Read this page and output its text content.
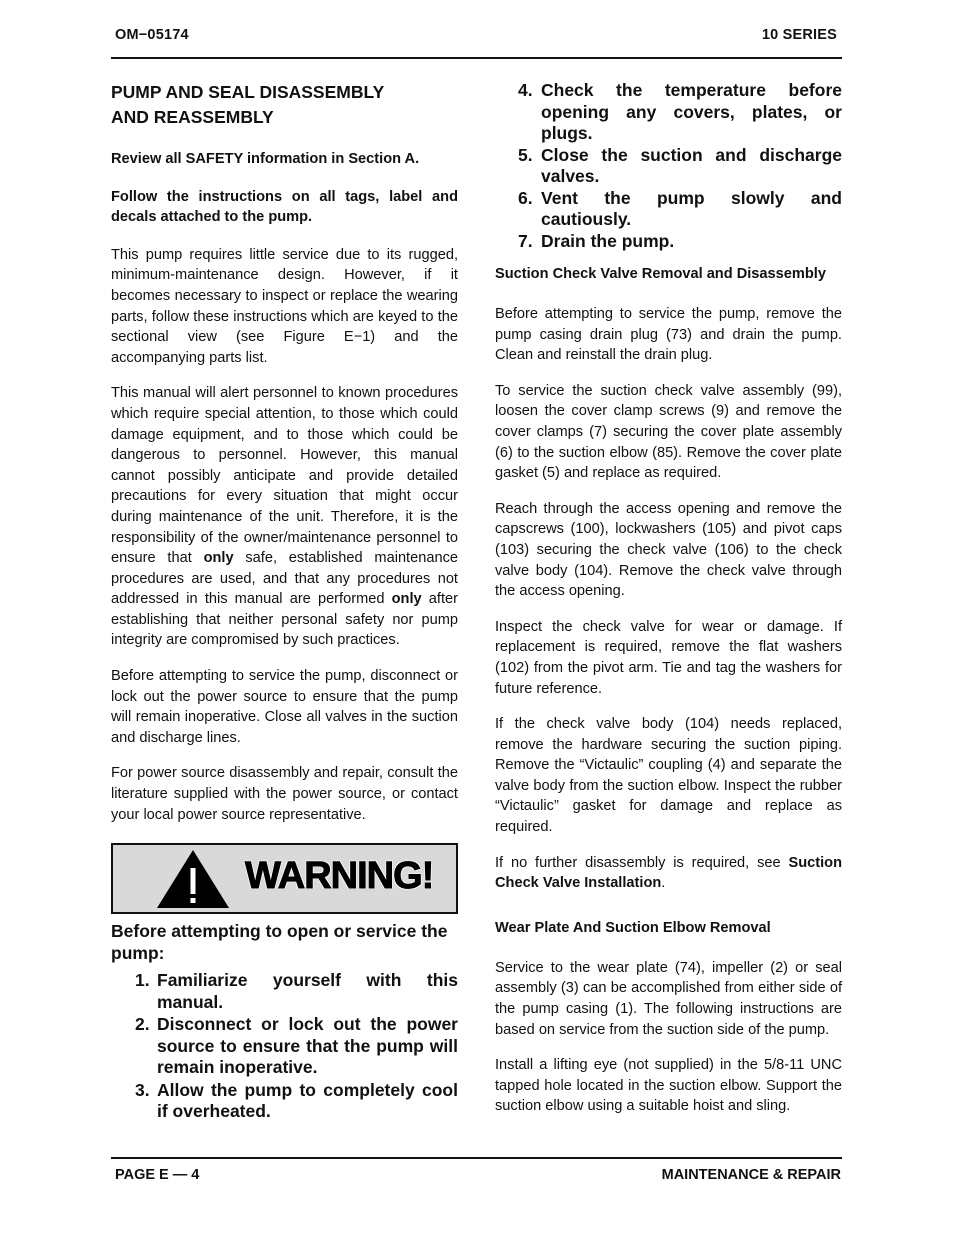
OM−05174	10 SERIES
PUMP AND SEAL DISASSEMBLY
AND REASSEMBLY

Review all SAFETY information in Section A.

Follow the instructions on all tags, label and decals attached to the pump.

This pump requires little service due to its rugged, minimum-maintenance design. However, if it becomes necessary to inspect or replace the wearing parts, follow these instructions which are keyed to the sectional view (see Figure E−1) and the accompanying parts list.

This manual will alert personnel to known procedures which require special attention, to those which could damage equipment, and to those which could be dangerous to personnel. However, this manual cannot possibly anticipate and provide detailed precautions for every situation that might occur during maintenance of the unit. Therefore, it is the responsibility of the owner/maintenance personnel to ensure that only safe, established maintenance procedures are used, and that any procedures not addressed in this manual are performed only after establishing that neither personal safety nor pump integrity are compromised by such practices.

Before attempting to service the pump, disconnect or lock out the power source to ensure that the pump will remain inoperative. Close all valves in the suction and discharge lines.

For power source disassembly and repair, consult the literature supplied with the power source, or contact your local power source representative.

WARNING!
Before attempting to open or service the pump:
1. Familiarize yourself with this manual.
2. Disconnect or lock out the power source to ensure that the pump will remain inoperative.
3. Allow the pump to completely cool if overheated.
4. Check the temperature before opening any covers, plates, or plugs.
5. Close the suction and discharge valves.
6. Vent the pump slowly and cautiously.
7. Drain the pump.
Suction Check Valve Removal and Disassembly

Before attempting to service the pump, remove the pump casing drain plug (73) and drain the pump. Clean and reinstall the drain plug.

To service the suction check valve assembly (99), loosen the cover clamp screws (9) and remove the cover clamps (7) securing the cover plate assembly (6) to the suction elbow (85). Remove the cover plate gasket (5) and replace as required.

Reach through the access opening and remove the capscrews (100), lockwashers (105) and pivot caps (103) securing the check valve (106) to the check valve body (104). Remove the check valve through the access opening.

Inspect the check valve for wear or damage. If replacement is required, remove the flat washers (102) from the pivot arm. Tie and tag the washers for future reference.

If the check valve body (104) needs replaced, remove the hardware securing the suction piping. Remove the “Victaulic” coupling (4) and separate the valve body from the suction elbow. Inspect the rubber “Victaulic” gasket for damage and replace as required.

If no further disassembly is required, see Suction Check Valve Installation.

Wear Plate And Suction Elbow Removal

Service to the wear plate (74), impeller (2) or seal assembly (3) can be accomplished from either side of the pump casing (1). The following instructions are based on service from the suction side of the pump.

Install a lifting eye (not supplied) in the 5/8-11 UNC tapped hole located in the suction elbow. Support the suction elbow using a suitable hoist and sling.

PAGE E — 4	MAINTENANCE & REPAIR
